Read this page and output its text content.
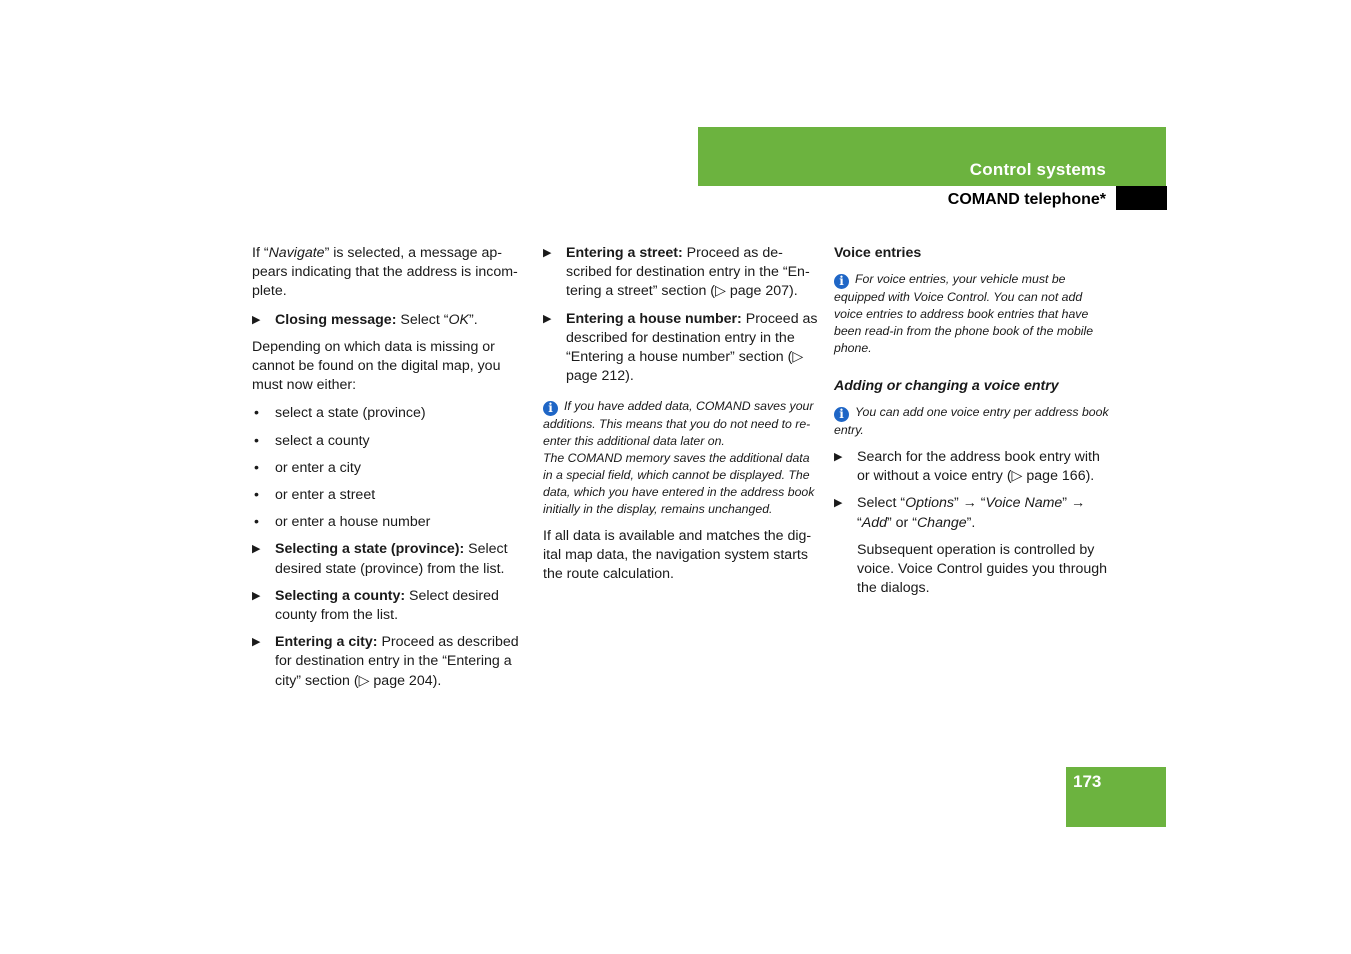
Control systems
COMAND telephone*

If “Navigate” is selected, a message ap-pears indicating that the address is incom-plete.

▶ Closing message: Select “OK”.

Depending on which data is missing or cannot be found on the digital map, you must now either:

• select a state (province)
• select a county
• or enter a city
• or enter a street
• or enter a house number
▶ Selecting a state (province): Select desired state (province) from the list.
▶ Selecting a county: Select desired county from the list.
▶ Entering a city: Proceed as described for destination entry in the “Entering a city” section (▷ page 204).
▶ Entering a street: Proceed as de-scribed for destination entry in the “En-tering a street” section (▷ page 207).
▶ Entering a house number: Proceed as described for destination entry in the “Entering a house number” section (▷ page 212).
i If you have added data, COMAND saves your additions. This means that you do not need to re-enter this additional data later on.
The COMAND memory saves the additional data in a special field, which cannot be displayed. The data, which you have entered in the address book initially in the display, remains unchanged.

If all data is available and matches the dig-ital map data, the navigation system starts the route calculation.

Voice entries
i For voice entries, your vehicle must be equipped with Voice Control. You can not add voice entries to address book entries that have been read-in from the phone book of the mobile phone.
Adding or changing a voice entry
i You can add one voice entry per address book entry.
▶ Search for the address book entry with or without a voice entry (▷ page 166).
▶ Select “Options” → “Voice Name” → “Add” or “Change”.

Subsequent operation is controlled by voice. Voice Control guides you through the dialogs.

173
